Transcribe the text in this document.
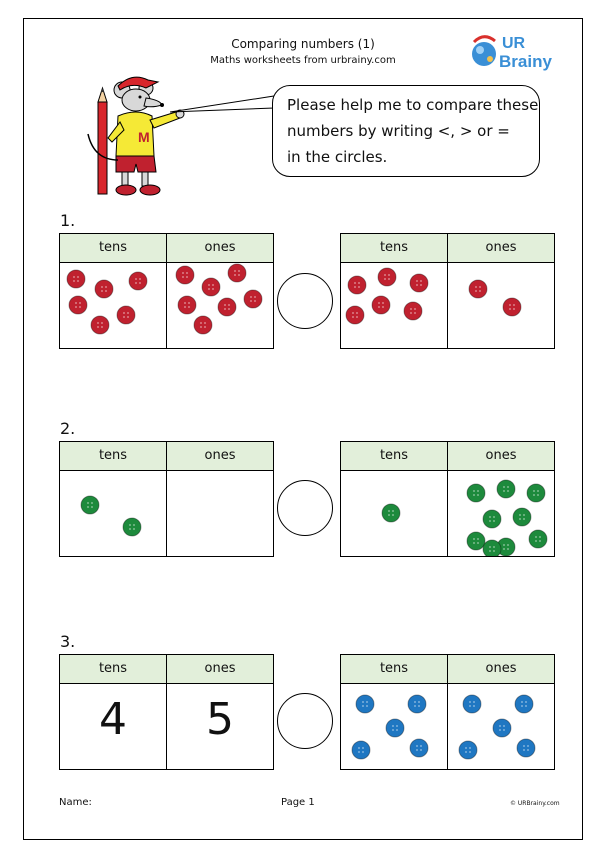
Comparing numbers (1)
Maths worksheets from urbrainy.com
UR
Brainy
M
Please help me to compare these
numbers by writing <, > or =
in the circles.
1.
tens	ones	tens	ones
2.
tens	ones	tens	ones
3.
tens	ones
4	5
tens	ones
Name:	Page 1	© URBrainy.com
